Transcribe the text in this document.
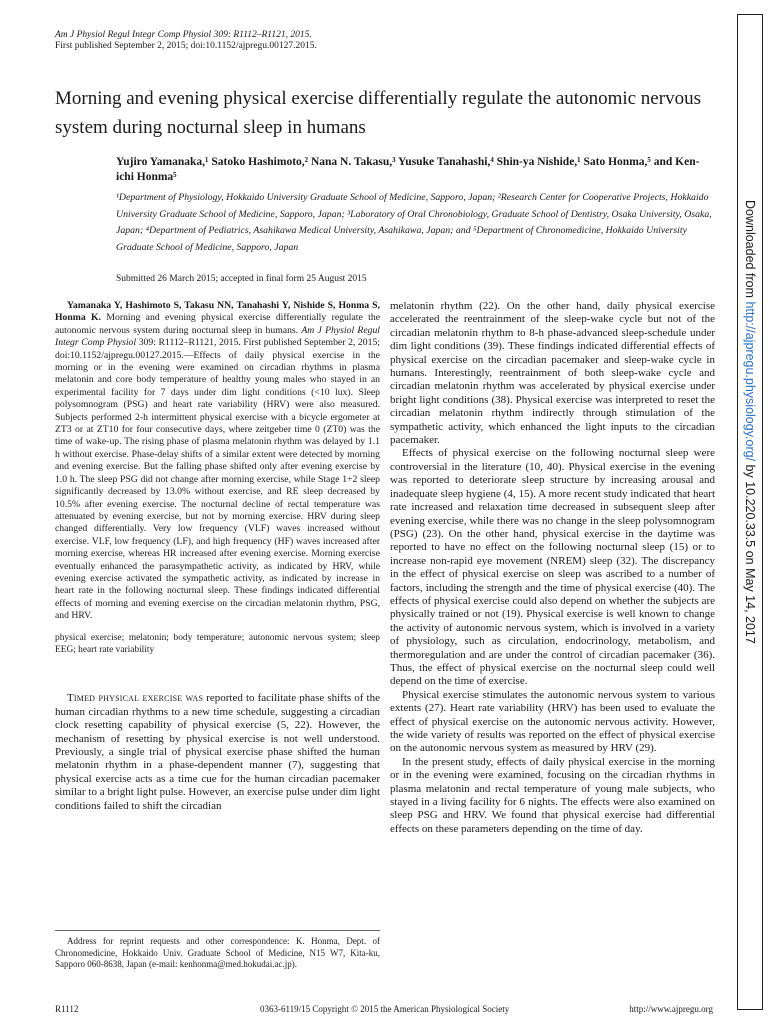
Am J Physiol Regul Integr Comp Physiol 309: R1112–R1121, 2015.
First published September 2, 2015; doi:10.1152/ajpregu.00127.2015.
Morning and evening physical exercise differentially regulate the autonomic nervous system during nocturnal sleep in humans
Yujiro Yamanaka,¹ Satoko Hashimoto,² Nana N. Takasu,³ Yusuke Tanahashi,⁴ Shin-ya Nishide,¹ Sato Honma,⁵ and Ken-ichi Honma⁵
¹Department of Physiology, Hokkaido University Graduate School of Medicine, Sapporo, Japan; ²Research Center for Cooperative Projects, Hokkaido University Graduate School of Medicine, Sapporo, Japan; ³Laboratory of Oral Chronobiology, Graduate School of Dentistry, Osaka University, Osaka, Japan; ⁴Department of Pediatrics, Asahikawa Medical University, Asahikawa, Japan; and ⁵Department of Chronomedicine, Hokkaido University Graduate School of Medicine, Sapporo, Japan
Submitted 26 March 2015; accepted in final form 25 August 2015

Yamanaka Y, Hashimoto S, Takasu NN, Tanahashi Y, Nishide S, Honma S, Honma K. Morning and evening physical exercise differentially regulate the autonomic nervous system during nocturnal sleep in humans. Am J Physiol Regul Integr Comp Physiol 309: R1112–R1121, 2015. First published September 2, 2015; doi:10.1152/ajpregu.00127.2015.—Effects of daily physical exercise in the morning or in the evening were examined on circadian rhythms in plasma melatonin and core body temperature of healthy young males who stayed in an experimental facility for 7 days under dim light conditions (<10 lux). Sleep polysomnogram (PSG) and heart rate variability (HRV) were also measured. Subjects performed 2-h intermittent physical exercise with a bicycle ergometer at ZT3 or at ZT10 for four consecutive days, where zeitgeber time 0 (ZT0) was the time of wake-up. The rising phase of plasma melatonin rhythm was delayed by 1.1 h without exercise. Phase-delay shifts of a similar extent were detected by morning and evening exercise. But the falling phase shifted only after evening exercise by 1.0 h. The sleep PSG did not change after morning exercise, while Stage 1+2 sleep significantly decreased by 13.0% without exercise, and RE sleep decreased by 10.5% after evening exercise. The nocturnal decline of rectal temperature was attenuated by evening exercise, but not by morning exercise. HRV during sleep changed differentially. Very low frequency (VLF) waves increased without exercise. VLF, low frequency (LF), and high frequency (HF) waves increased after morning exercise, whereas HR increased after evening exercise. Morning exercise eventually enhanced the parasympathetic activity, as indicated by HRV, while evening exercise activated the sympathetic activity, as indicated by increase in heart rate in the following nocturnal sleep. These findings indicated differential effects of morning and evening exercise on the circadian melatonin rhythm, PSG, and HRV.

physical exercise; melatonin; body temperature; autonomic nervous system; sleep EEG; heart rate variability

Timed physical exercise was reported to facilitate phase shifts of the human circadian rhythms to a new time schedule, suggesting a circadian clock resetting capability of physical exercise (5, 22). However, the mechanism of resetting by physical exercise is not well understood. Previously, a single trial of physical exercise phase shifted the human melatonin rhythm in a phase-dependent manner (7), suggesting that physical exercise acts as a time cue for the human circadian pacemaker similar to a bright light pulse. However, an exercise pulse under dim light conditions failed to shift the circadian

melatonin rhythm (22). On the other hand, daily physical exercise accelerated the reentrainment of the sleep-wake cycle but not of the circadian melatonin rhythm to 8-h phase-advanced sleep-schedule under dim light conditions (39). These findings indicated differential effects of physical exercise on the circadian pacemaker and sleep-wake cycle in humans. Interestingly, reentrainment of both sleep-wake cycle and circadian melatonin rhythm was accelerated by physical exercise under bright light conditions (38). Physical exercise was interpreted to reset the circadian melatonin rhythm indirectly through stimulation of the sympathetic activity, which enhanced the light inputs to the circadian pacemaker.

Effects of physical exercise on the following nocturnal sleep were controversial in the literature (10, 40). Physical exercise in the evening was reported to deteriorate sleep structure by increasing arousal and inadequate sleep hygiene (4, 15). A more recent study indicated that heart rate increased and relaxation time decreased in subsequent sleep after evening exercise, while there was no change in the sleep polysomnogram (PSG) (23). On the other hand, physical exercise in the daytime was reported to have no effect on the following nocturnal sleep (15) or to increase non-rapid eye movement (NREM) sleep (32). The discrepancy in the effect of physical exercise on sleep was ascribed to a number of factors, including the strength and the time of physical exercise (40). The effects of physical exercise could also depend on whether the subjects are physically trained or not (19). Physical exercise is well known to change the activity of autonomic nervous system, which is involved in a variety of physiology, such as circulation, endocrinology, metabolism, and thermoregulation and are under the control of circadian pacemaker (36). Thus, the effect of physical exercise on the nocturnal sleep could well depend on the time of exercise.

Physical exercise stimulates the autonomic nervous system to various extents (27). Heart rate variability (HRV) has been used to evaluate the effect of physical exercise on the autonomic nervous activity. However, the wide variety of results was reported on the effect of physical exercise on the autonomic nervous system as measured by HRV (29).

In the present study, effects of daily physical exercise in the morning or in the evening were examined, focusing on the circadian rhythms in plasma melatonin and rectal temperature of young male subjects, who stayed in a living facility for 6 nights. The effects were also examined on sleep PSG and HRV. We found that physical exercise had differential effects on these parameters depending on the time of day.

Address for reprint requests and other correspondence: K. Honma, Dept. of Chronomedicine, Hokkaido Univ. Graduate School of Medicine, N15 W7, Kita-ku, Sapporo 060-8638, Japan (e-mail: kenhonma@med.hokudai.ac.jp).
R1112	0363-6119/15 Copyright © 2015 the American Physiological Society	http://www.ajpregu.org
Downloaded from http://ajpregu.physiology.org/ by 10.220.33.5 on May 14, 2017
